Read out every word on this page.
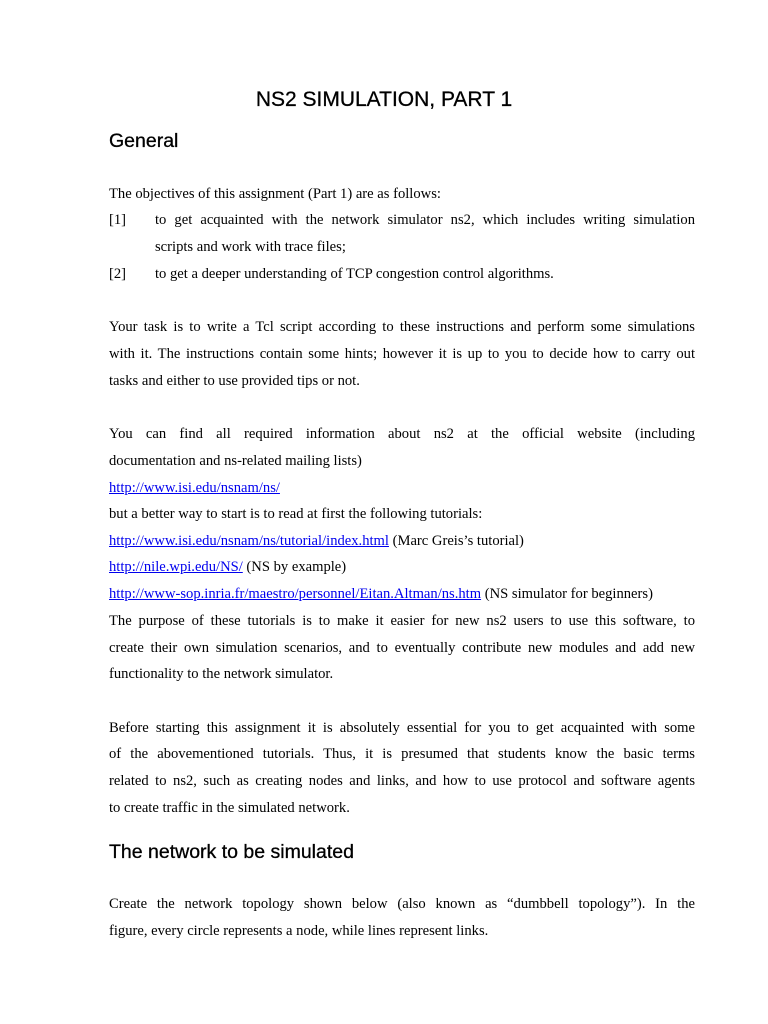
NS2 SIMULATION, PART 1
General
The objectives of this assignment (Part 1) are as follows:
[1] to get acquainted with the network simulator ns2, which includes writing simulation
scripts and work with trace files;
[2] to get a deeper understanding of TCP congestion control algorithms.
Your task is to write a Tcl script according to these instructions and perform some simulations
with it. The instructions contain some hints; however it is up to you to decide how to carry out
tasks and either to use provided tips or not.
You can find all required information about ns2 at the official website (including
documentation and ns-related mailing lists)
http://www.isi.edu/nsnam/ns/
but a better way to start is to read at first the following tutorials:
http://www.isi.edu/nsnam/ns/tutorial/index.html (Marc Greis’s tutorial)
http://nile.wpi.edu/NS/ (NS by example)
http://www-sop.inria.fr/maestro/personnel/Eitan.Altman/ns.htm (NS simulator for beginners)
The purpose of these tutorials is to make it easier for new ns2 users to use this software, to
create their own simulation scenarios, and to eventually contribute new modules and add new
functionality to the network simulator.
Before starting this assignment it is absolutely essential for you to get acquainted with some
of the abovementioned tutorials. Thus, it is presumed that students know the basic terms
related to ns2, such as creating nodes and links, and how to use protocol and software agents
to create traffic in the simulated network.
The network to be simulated
Create the network topology shown below (also known as “dumbbell topology”). In the
figure, every circle represents a node, while lines represent links.
